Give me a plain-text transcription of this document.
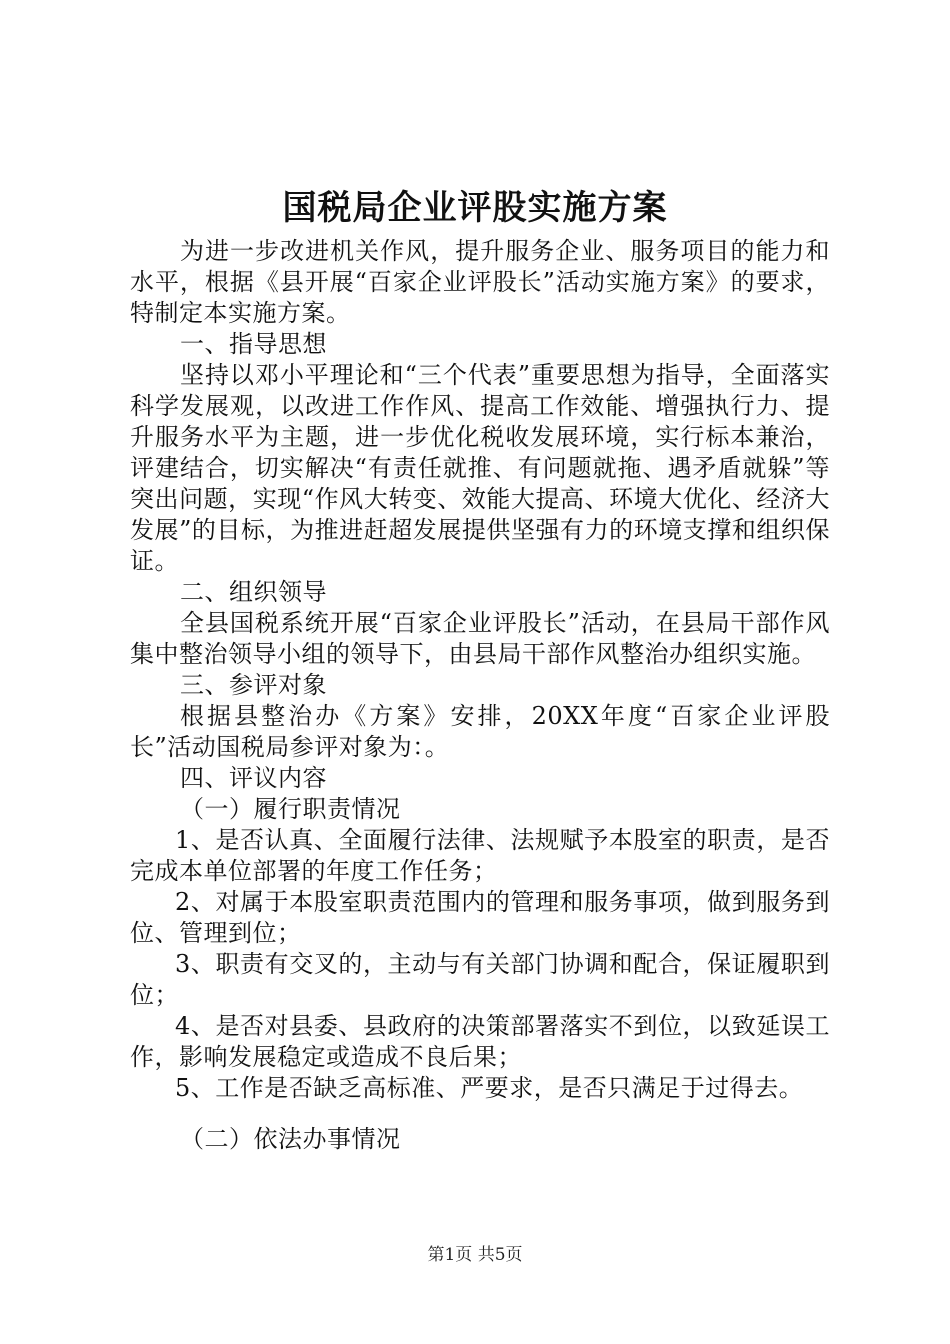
国税局企业评股实施方案

为进一步改进机关作风，提升服务企业、服务项目的能力和水平，根据《县开展“百家企业评股长”活动实施方案》的要求，特制定本实施方案。

一、指导思想

坚持以邓小平理论和“三个代表”重要思想为指导，全面落实科学发展观，以改进工作作风、提高工作效能、增强执行力、提升服务水平为主题，进一步优化税收发展环境，实行标本兼治，评建结合，切实解决“有责任就推、有问题就拖、遇矛盾就躲”等突出问题，实现“作风大转变、效能大提高、环境大优化、经济大发展”的目标，为推进赶超发展提供坚强有力的环境支撑和组织保证。

二、组织领导

全县国税系统开展“百家企业评股长”活动，在县局干部作风集中整治领导小组的领导下，由县局干部作风整治办组织实施。

三、参评对象

根据县整治办《方案》安排，20XX年度“百家企业评股长”活动国税局参评对象为：。

四、评议内容

（一）履行职责情况

1、是否认真、全面履行法律、法规赋予本股室的职责，是否完成本单位部署的年度工作任务；

2、对属于本股室职责范围内的管理和服务事项，做到服务到位、管理到位；

3、职责有交叉的，主动与有关部门协调和配合，保证履职到位；

4、是否对县委、县政府的决策部署落实不到位，以致延误工作，影响发展稳定或造成不良后果；

5、工作是否缺乏高标准、严要求，是否只满足于过得去。

（二）依法办事情况

第1页 共5页
